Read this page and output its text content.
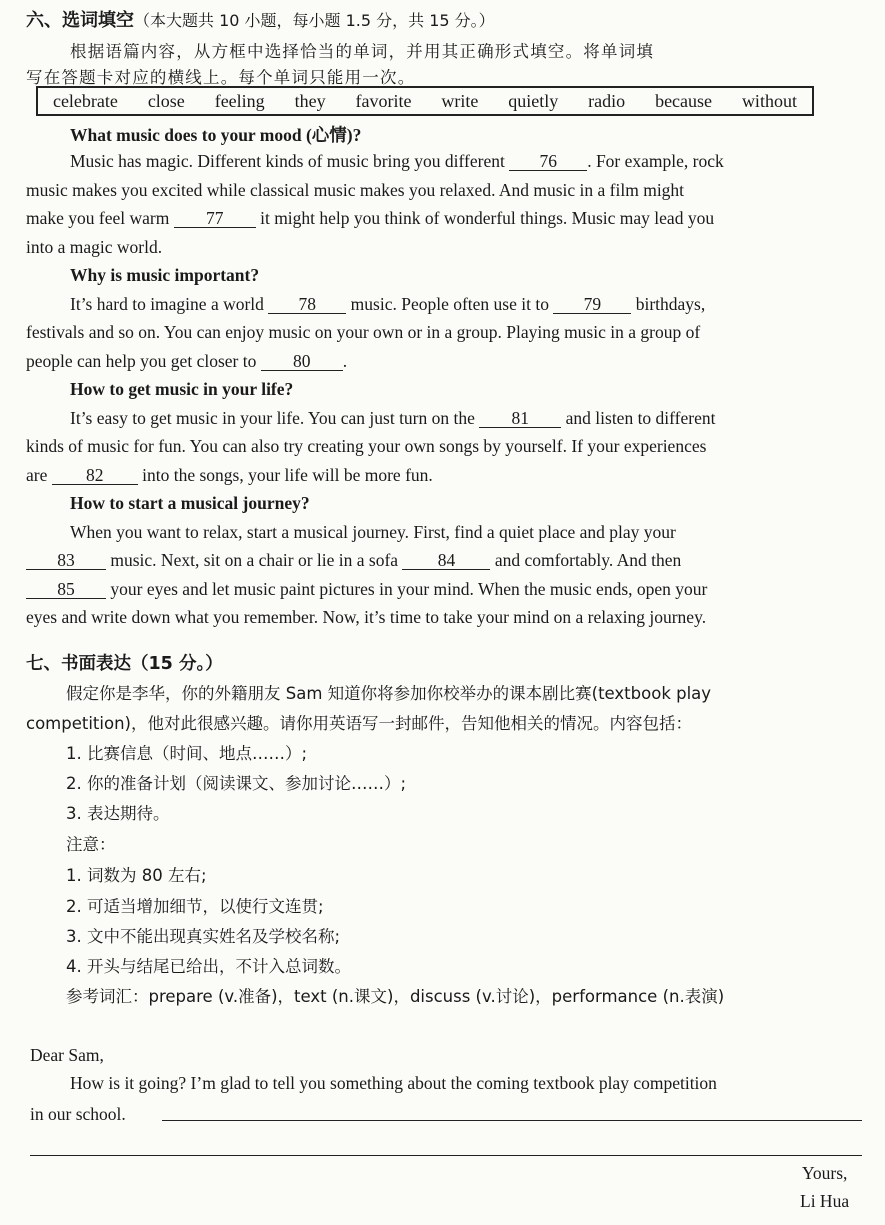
六、选词填空（本大题共 10 小题，每小题 1.5 分，共 15 分。）
根据语篇内容，从方框中选择恰当的单词，并用其正确形式填空。将单词填
写在答题卡对应的横线上。每个单词只能用一次。
celebrate close feeling they favorite write quietly radio because without
What music does to your mood (心情)?
Music has magic. Different kinds of music bring you different 76 . For example, rock
music makes you excited while classical music makes you relaxed. And music in a film might
make you feel warm 77 it might help you think of wonderful things. Music may lead you
into a magic world.
Why is music important?
It’s hard to imagine a world 78 music. People often use it to 79 birthdays,
festivals and so on. You can enjoy music on your own or in a group. Playing music in a group of
people can help you get closer to 80 .
How to get music in your life?
It’s easy to get music in your life. You can just turn on the 81 and listen to different
kinds of music for fun. You can also try creating your own songs by yourself. If your experiences
are 82 into the songs, your life will be more fun.
How to start a musical journey?
When you want to relax, start a musical journey. First, find a quiet place and play your
83 music. Next, sit on a chair or lie in a sofa 84 and comfortably. And then
85 your eyes and let music paint pictures in your mind. When the music ends, open your
eyes and write down what you remember. Now, it’s time to take your mind on a relaxing journey.
七、书面表达（15 分。）
假定你是李华，你的外籍朋友 Sam 知道你将参加你校举办的课本剧比赛(textbook play
competition)，他对此很感兴趣。请你用英语写一封邮件，告知他相关的情况。内容包括：
1. 比赛信息（时间、地点……）;
2. 你的准备计划（阅读课文、参加讨论……）;
3. 表达期待。
注意：
1. 词数为 80 左右;
2. 可适当增加细节，以使行文连贯;
3. 文中不能出现真实姓名及学校名称;
4. 开头与结尾已给出，不计入总词数。
参考词汇：prepare (v.准备)，text (n.课文)，discuss (v.讨论)，performance (n.表演)
Dear Sam,
How is it going? I’m glad to tell you something about the coming textbook play competition
in our school.
Yours,
Li Hua
